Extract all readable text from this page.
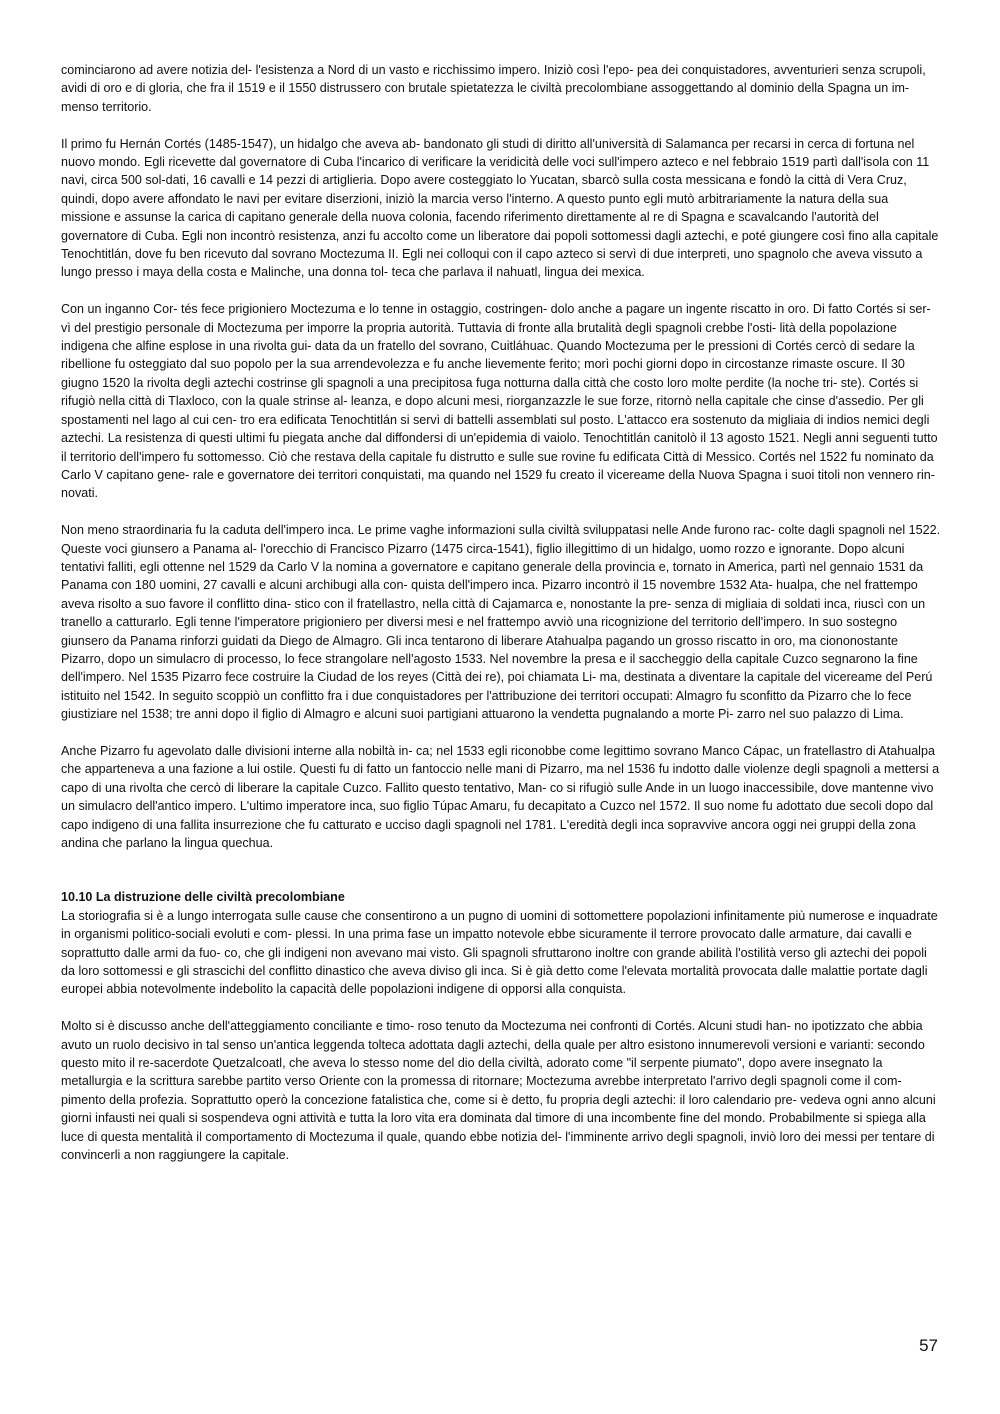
cominciarono ad avere notizia del- l'esistenza a Nord di un vasto e ricchissimo impero. Iniziò così l'epo- pea dei conquistadores, avventurieri senza scrupoli, avidi di oro e di gloria, che fra il 1519 e il 1550 distrussero con brutale spietatezza le civiltà precolombiane assoggettando al dominio della Spagna un im- menso territorio.

Il primo fu Hernán Cortés (1485-1547), un hidalgo che aveva ab- bandonato gli studi di diritto all'università di Salamanca per recarsi in cerca di fortuna nel nuovo mondo. Egli ricevette dal governatore di Cuba l'incarico di verificare la veridicità delle voci sull'impero azteco e nel febbraio 1519 partì dall'isola con 11 navi, circa 500 sol-dati, 16 cavalli e 14 pezzi di artiglieria. Dopo avere costeggiato lo Yucatan, sbarcò sulla costa messicana e fondò la città di Vera Cruz, quindi, dopo avere affondato le navi per evitare diserzioni, iniziò la marcia verso l'interno. A questo punto egli mutò arbitrariamente la natura della sua missione e assunse la carica di capitano generale della nuova colonia, facendo riferimento direttamente al re di Spagna e scavalcando l'autorità del governatore di Cuba. Egli non incontrò resistenza, anzi fu accolto come un liberatore dai popoli sottomessi dagli aztechi, e poté giungere così fino alla capitale Tenochtitlán, dove fu ben ricevuto dal sovrano Moctezuma II. Egli nei colloqui con il capo azteco si servì di due interpreti, uno spagnolo che aveva vissuto a lungo presso i maya della costa e Malinche, una donna tol- teca che parlava il nahuatl, lingua dei mexica.

Con un inganno Cor- tés fece prigioniero Moctezuma e lo tenne in ostaggio, costringen- dolo anche a pagare un ingente riscatto in oro. Di fatto Cortés si ser- vì del prestigio personale di Moctezuma per imporre la propria autorità. Tuttavia di fronte alla brutalità degli spagnoli crebbe l'osti- lità della popolazione indigena che alfine esplose in una rivolta gui- data da un fratello del sovrano, Cuitláhuac. Quando Moctezuma per le pressioni di Cortés cercò di sedare la ribellione fu osteggiato dal suo popolo per la sua arrendevolezza e fu anche lievemente ferito; morì pochi giorni dopo in circostanze rimaste oscure. Il 30 giugno 1520 la rivolta degli aztechi costrinse gli spagnoli a una precipitosa fuga notturna dalla città che costo loro molte perdite (la noche tri- ste). Cortés si rifugiò nella città di Tlaxloco, con la quale strinse al- leanza, e dopo alcuni mesi, riorganzazzle le sue forze, ritornò nella capitale che cinse d'assedio. Per gli spostamenti nel lago al cui cen- tro era edificata Tenochtitlán si servì di battelli assemblati sul posto. L'attacco era sostenuto da migliaia di indios nemici degli aztechi. La resistenza di questi ultimi fu piegata anche dal diffondersi di un'epidemia di vaiolo. Tenochtitlán canitolò il 13 agosto 1521. Negli anni seguenti tutto il territorio dell'impero fu sottomesso. Ciò che restava della capitale fu distrutto e sulle sue rovine fu edificata Città di Messico. Cortés nel 1522 fu nominato da Carlo V capitano gene- rale e governatore dei territori conquistati, ma quando nel 1529 fu creato il vicereame della Nuova Spagna i suoi titoli non vennero rin- novati.

Non meno straordinaria fu la caduta dell'impero inca. Le prime vaghe informazioni sulla civiltà sviluppatasi nelle Ande furono rac- colte dagli spagnoli nel 1522. Queste voci giunsero a Panama al- l'orecchio di Francisco Pizarro (1475 circa-1541), figlio illegittimo di un hidalgo, uomo rozzo e ignorante. Dopo alcuni tentativi falliti, egli ottenne nel 1529 da Carlo V la nomina a governatore e capitano generale della provincia e, tornato in America, partì nel gennaio 1531 da Panama con 180 uomini, 27 cavalli e alcuni archibugi alla con- quista dell'impero inca. Pizarro incontrò il 15 novembre 1532 Ata- hualpa, che nel frattempo aveva risolto a suo favore il conflitto dina- stico con il fratellastro, nella città di Cajamarca e, nonostante la pre- senza di migliaia di soldati inca, riuscì con un tranello a catturarlo. Egli tenne l'imperatore prigioniero per diversi mesi e nel frattempo avviò una ricognizione del territorio dell'impero. In suo sostegno giunsero da Panama rinforzi guidati da Diego de Almagro. Gli inca tentarono di liberare Atahualpa pagando un grosso riscatto in oro, ma ciononostante Pizarro, dopo un simulacro di processo, lo fece strangolare nell'agosto 1533. Nel novembre la presa e il saccheggio della capitale Cuzco segnarono la fine dell'impero. Nel 1535 Pizarro fece costruire la Ciudad de los reyes (Città dei re), poi chiamata Li- ma, destinata a diventare la capitale del vicereame del Perú istituito nel 1542. In seguito scoppiò un conflitto fra i due conquistadores per l'attribuzione dei territori occupati: Almagro fu sconfitto da Pizarro che lo fece giustiziare nel 1538; tre anni dopo il figlio di Almagro e alcuni suoi partigiani attuarono la vendetta pugnalando a morte Pi- zarro nel suo palazzo di Lima.

Anche Pizarro fu agevolato dalle divisioni interne alla nobiltà in- ca; nel 1533 egli riconobbe come legittimo sovrano Manco Cápac, un fratellastro di Atahualpa che apparteneva a una fazione a lui ostile. Questi fu di fatto un fantoccio nelle mani di Pizarro, ma nel 1536 fu indotto dalle violenze degli spagnoli a mettersi a capo di una rivolta che cercò di liberare la capitale Cuzco. Fallito questo tentativo, Man- co si rifugiò sulle Ande in un luogo inaccessibile, dove mantenne vivo un simulacro dell'antico impero. L'ultimo imperatore inca, suo figlio Túpac Amaru, fu decapitato a Cuzco nel 1572. Il suo nome fu adottato due secoli dopo dal capo indigeno di una fallita insurrezione che fu catturato e ucciso dagli spagnoli nel 1781. L'eredità degli inca sopravvive ancora oggi nei gruppi della zona andina che parlano la lingua quechua.

10.10 La distruzione delle civiltà precolombiane

La storiografia si è a lungo interrogata sulle cause che consentirono a un pugno di uomini di sottomettere popolazioni infinitamente più numerose e inquadrate in organismi politico-sociali evoluti e com- plessi. In una prima fase un impatto notevole ebbe sicuramente il terrore provocato dalle armature, dai cavalli e soprattutto dalle armi da fuo- co, che gli indigeni non avevano mai visto. Gli spagnoli sfruttarono inoltre con grande abilità l'ostilità verso gli aztechi dei popoli da loro sottomessi e gli strascichi del conflitto dinastico che aveva diviso gli inca. Si è già detto come l'elevata mortalità provocata dalle malattie portate dagli europei abbia notevolmente indebolito la capacità delle popolazioni indigene di opporsi alla conquista.

Molto si è discusso anche dell'atteggiamento conciliante e timo- roso tenuto da Moctezuma nei confronti di Cortés. Alcuni studi han- no ipotizzato che abbia avuto un ruolo decisivo in tal senso un'antica leggenda tolteca adottata dagli aztechi, della quale per altro esistono innumerevoli versioni e varianti: secondo questo mito il re-sacerdote Quetzalcoatl, che aveva lo stesso nome del dio della civiltà, adorato come "il serpente piumato", dopo avere insegnato la metallurgia e la scrittura sarebbe partito verso Oriente con la promessa di ritornare; Moctezuma avrebbe interpretato l'arrivo degli spagnoli come il com- pimento della profezia. Soprattutto operò la concezione fatalistica che, come si è detto, fu propria degli aztechi: il loro calendario pre- vedeva ogni anno alcuni giorni infausti nei quali si sospendeva ogni attività e tutta la loro vita era dominata dal timore di una incombente fine del mondo. Probabilmente si spiega alla luce di questa mentalità il comportamento di Moctezuma il quale, quando ebbe notizia del- l'imminente arrivo degli spagnoli, inviò loro dei messi per tentare di convincerli a non raggiungere la capitale.

57
